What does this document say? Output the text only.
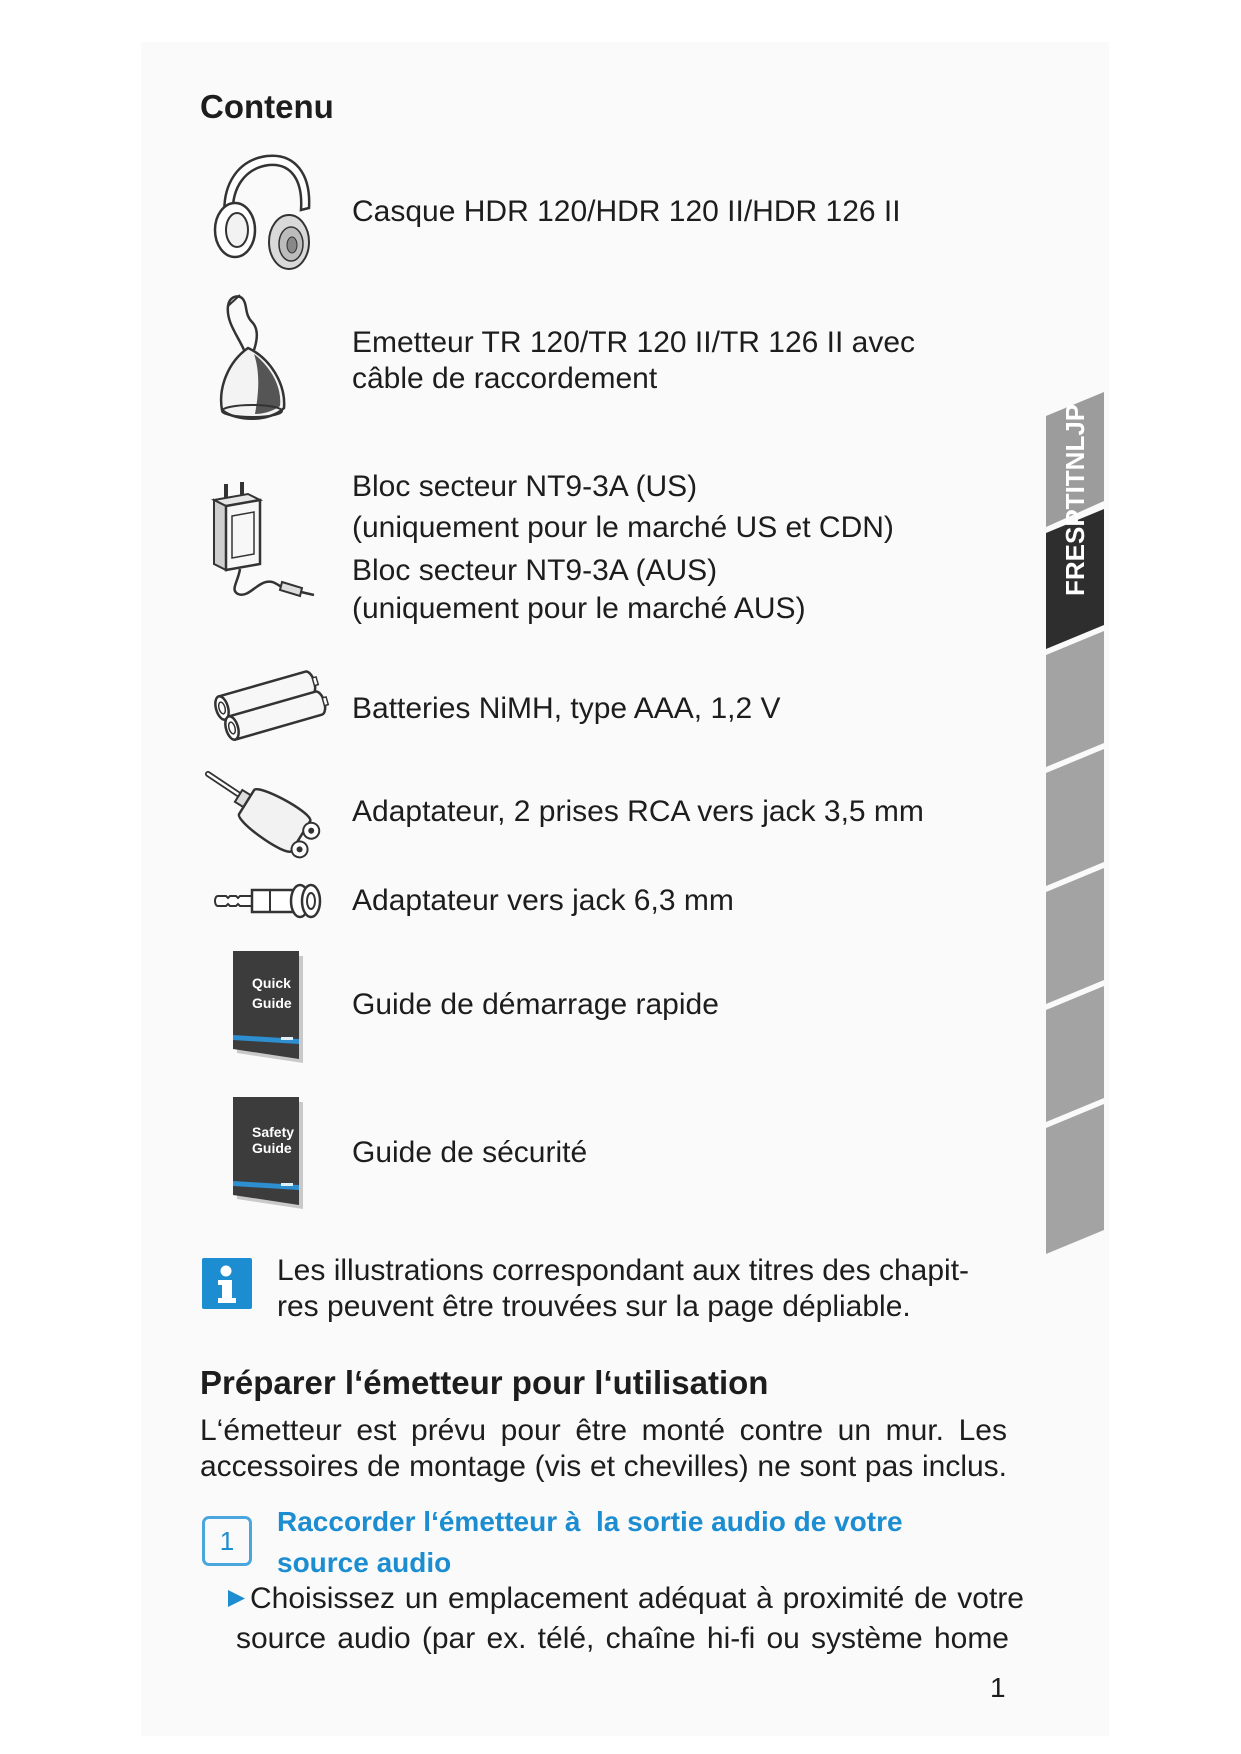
Contenu
Casque HDR 120/HDR 120 II/HDR 126 II
Emetteur TR 120/TR 120 II/TR 126 II avec
câble de raccordement
Bloc secteur NT9-3A (US)
(uniquement pour le marché US et CDN)
Bloc secteur NT9-3A (AUS)
(uniquement pour le marché AUS)
Batteries NiMH, type AAA, 1,2 V
Adaptateur, 2 prises RCA vers jack 3,5 mm
Adaptateur vers jack 6,3 mm
Quick
Guide Guide de démarrage rapide
Safety
Guide Guide de sécurité
Les illustrations correspondant aux titres des chapit-
res peuvent être trouvées sur la page dépliable.
Préparer l‘émetteur pour l‘utilisation
L‘émetteur est prévu pour être monté contre un mur. Les
accessoires de montage (vis et chevilles) ne sont pas inclus.
1
Raccorder l‘émetteur à  la sortie audio de votre
source audio
Choisissez un emplacement adéquat à proximité de votre
source audio (par ex. télé, chaîne hi-fi ou système home
FRESPTITNLJP
1
